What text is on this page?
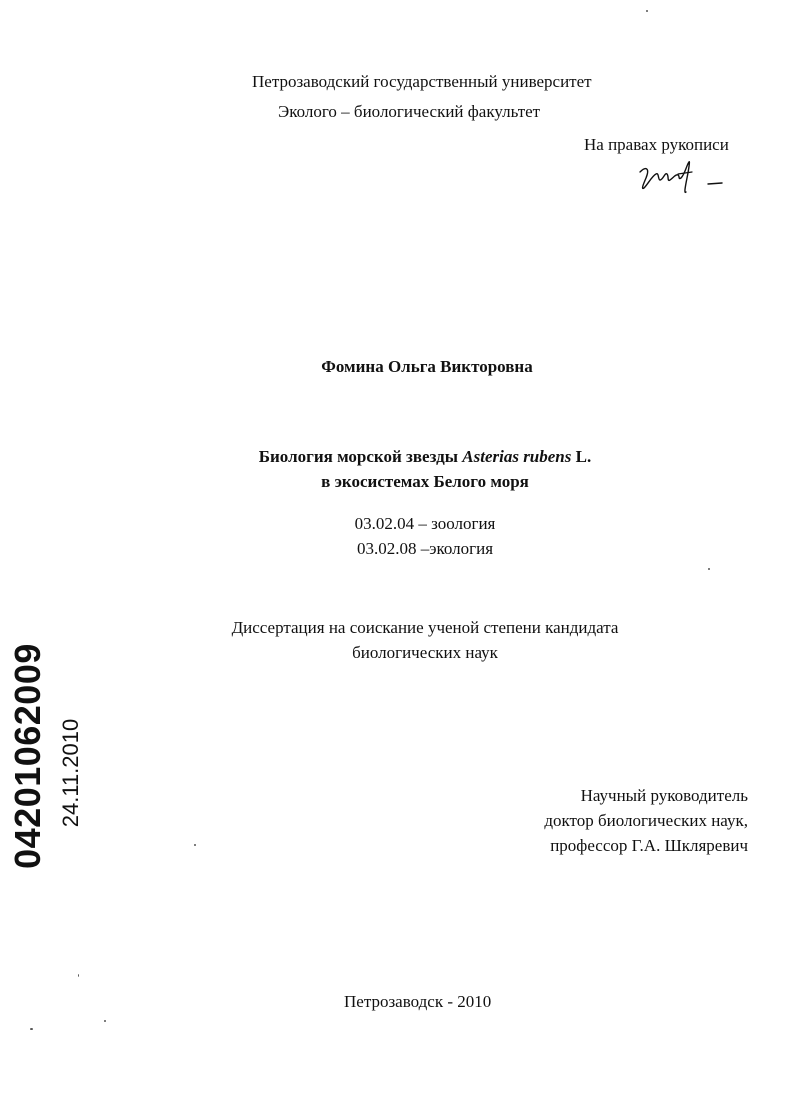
Петрозаводский государственный университет
Эколого – биологический факультет
На правах рукописи
Фомина Ольга Викторовна
Биология морской звезды Asterias rubens L.
в экосистемах Белого моря
03.02.04 – зоология
03.02.08 –экология
Диссертация на соискание ученой степени кандидата
биологических наук
Научный руководитель
доктор биологических наук,
профессор Г.А. Шкляревич
Петрозаводск - 2010
04201062009 24.11.2010
